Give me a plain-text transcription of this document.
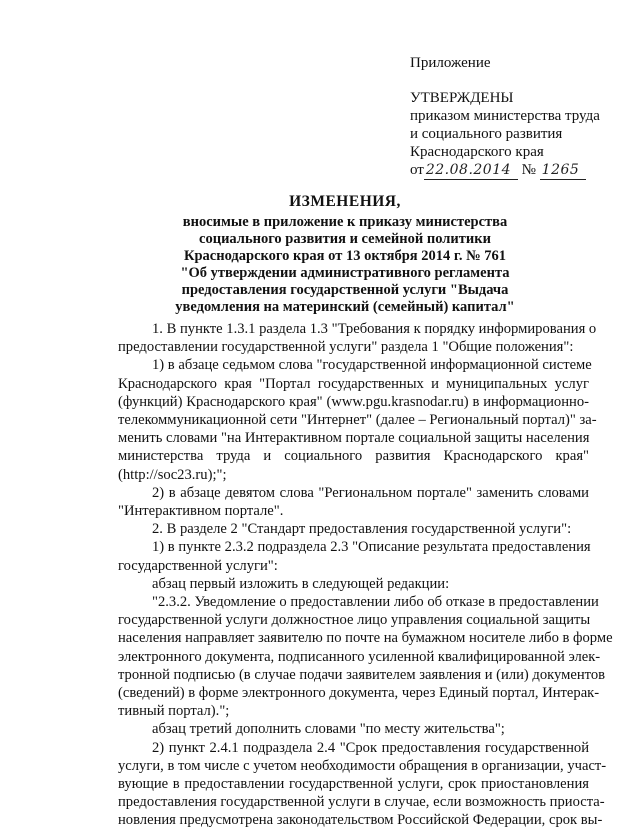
Приложение
УТВЕРЖДЕНЫ
приказом министерства труда
и социального развития
Краснодарского края
от 22.08.2014 № 1265
ИЗМЕНЕНИЯ,
вносимые в приложение к приказу министерства
социального развития и семейной политики
Краснодарского края от 13 октября 2014 г. № 761
"Об утверждении административного регламента
предоставления государственной услуги "Выдача
уведомления на материнский (семейный) капитал"
1. В пункте 1.3.1 раздела 1.3 "Требования к порядку информирования о
предоставлении государственной услуги" раздела 1 "Общие положения":
1) в абзаце седьмом слова "государственной информационной системе
Краснодарского края "Портал государственных и муниципальных услуг
(функций) Краснодарского края" (www.pgu.krasnodar.ru) в информационно-
телекоммуникационной сети "Интернет" (далее – Региональный портал)" за-
менить словами "на Интерактивном портале социальной защиты населения
министерства труда и социального развития Краснодарского края"
(http://soc23.ru);";
2) в абзаце девятом слова "Региональном портале" заменить словами
"Интерактивном портале".
2. В разделе 2 "Стандарт предоставления государственной услуги":
1) в пункте 2.3.2 подраздела 2.3 "Описание результата предоставления
государственной услуги":
абзац первый изложить в следующей редакции:
"2.3.2. Уведомление о предоставлении либо об отказе в предоставлении
государственной услуги должностное лицо управления социальной защиты
населения направляет заявителю по почте на бумажном носителе либо в форме
электронного документа, подписанного усиленной квалифицированной элек-
тронной подписью (в случае подачи заявителем заявления и (или) документов
(сведений) в форме электронного документа, через Единый портал, Интерак-
тивный портал).";
абзац третий дополнить словами "по месту жительства";
2) пункт 2.4.1 подраздела 2.4 "Срок предоставления государственной
услуги, в том числе с учетом необходимости обращения в организации, участ-
вующие в предоставлении государственной услуги, срок приостановления
предоставления государственной услуги в случае, если возможность приоста-
новления предусмотрена законодательством Российской Федерации, срок вы-
